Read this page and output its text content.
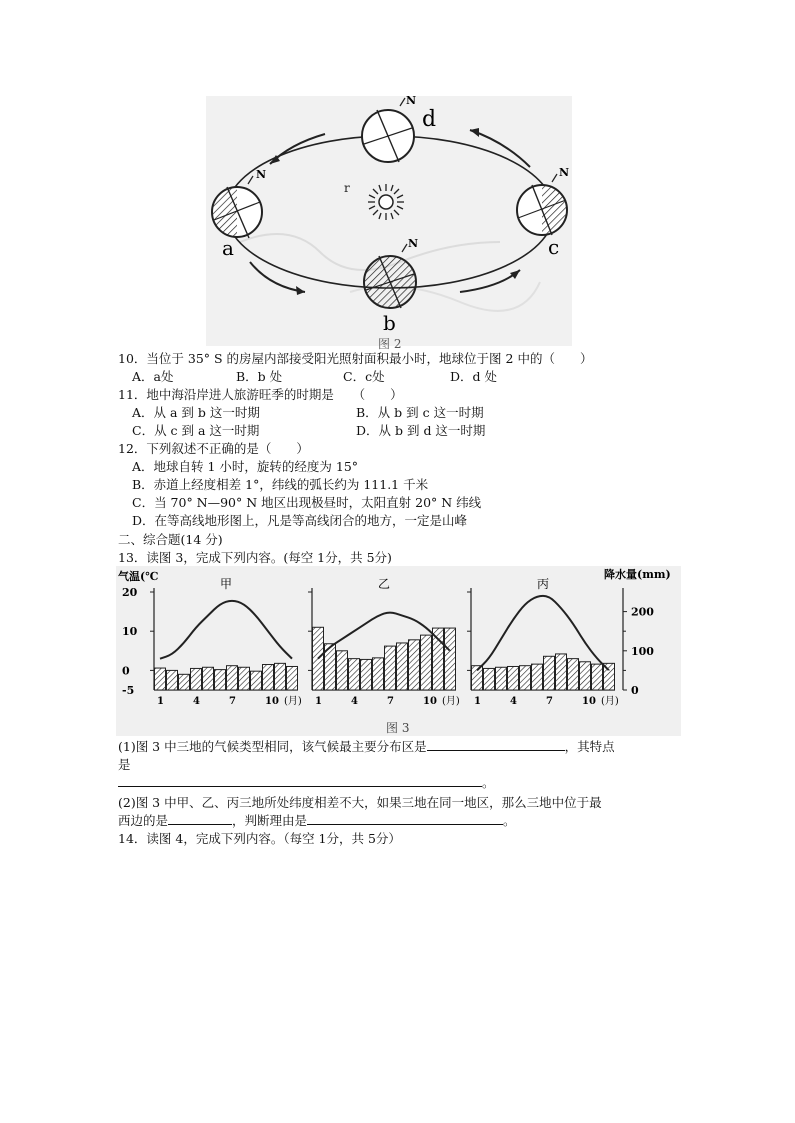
r
N
a
N
d
N
c
N
b
图 2
10．当位于 35° S 的房屋内部接受阳光照射面积最小时，地球位于图 2 中的（　　）
A．a处	B．b 处	C．c处	D．d 处
11．地中海沿岸进人旅游旺季的时期是　　（　　）
A．从 a 到 b 这一时期	B．从 b 到 c 这一时期
C．从 c 到 a 这一时期	D．从 b 到 d 这一时期
12．下列叙述不正确的是（　　）
A．地球自转 1 小时，旋转的经度为 15°
B．赤道上经度相差 1°，纬线的弧长约为 111.1 千米
C．当 70° N—90° N 地区出现极昼时，太阳直射 20° N 纬线
D．在等高线地形图上，凡是等高线闭合的地方，一定是山峰
二、综合题(14 分)
13．读图 3，完成下列内容。(每空 1分，共 5分)
气温(℃	降水量(mm)
图 3
20
10
0
-5
200
100
0
甲
1	4	7	10 (月)
乙
1	4	7	10 (月)
丙
1	4	7	10 (月)
(1)图 3 中三地的气候类型相同，该气候最主要分布区是	，其特点
是
。
(2)图 3 中甲、乙、丙三地所处纬度相差不大，如果三地在同一地区，那么三地中位于最
西边的是	，判断理由是	。
14．读图 4，完成下列内容。（每空 1分，共 5分）
